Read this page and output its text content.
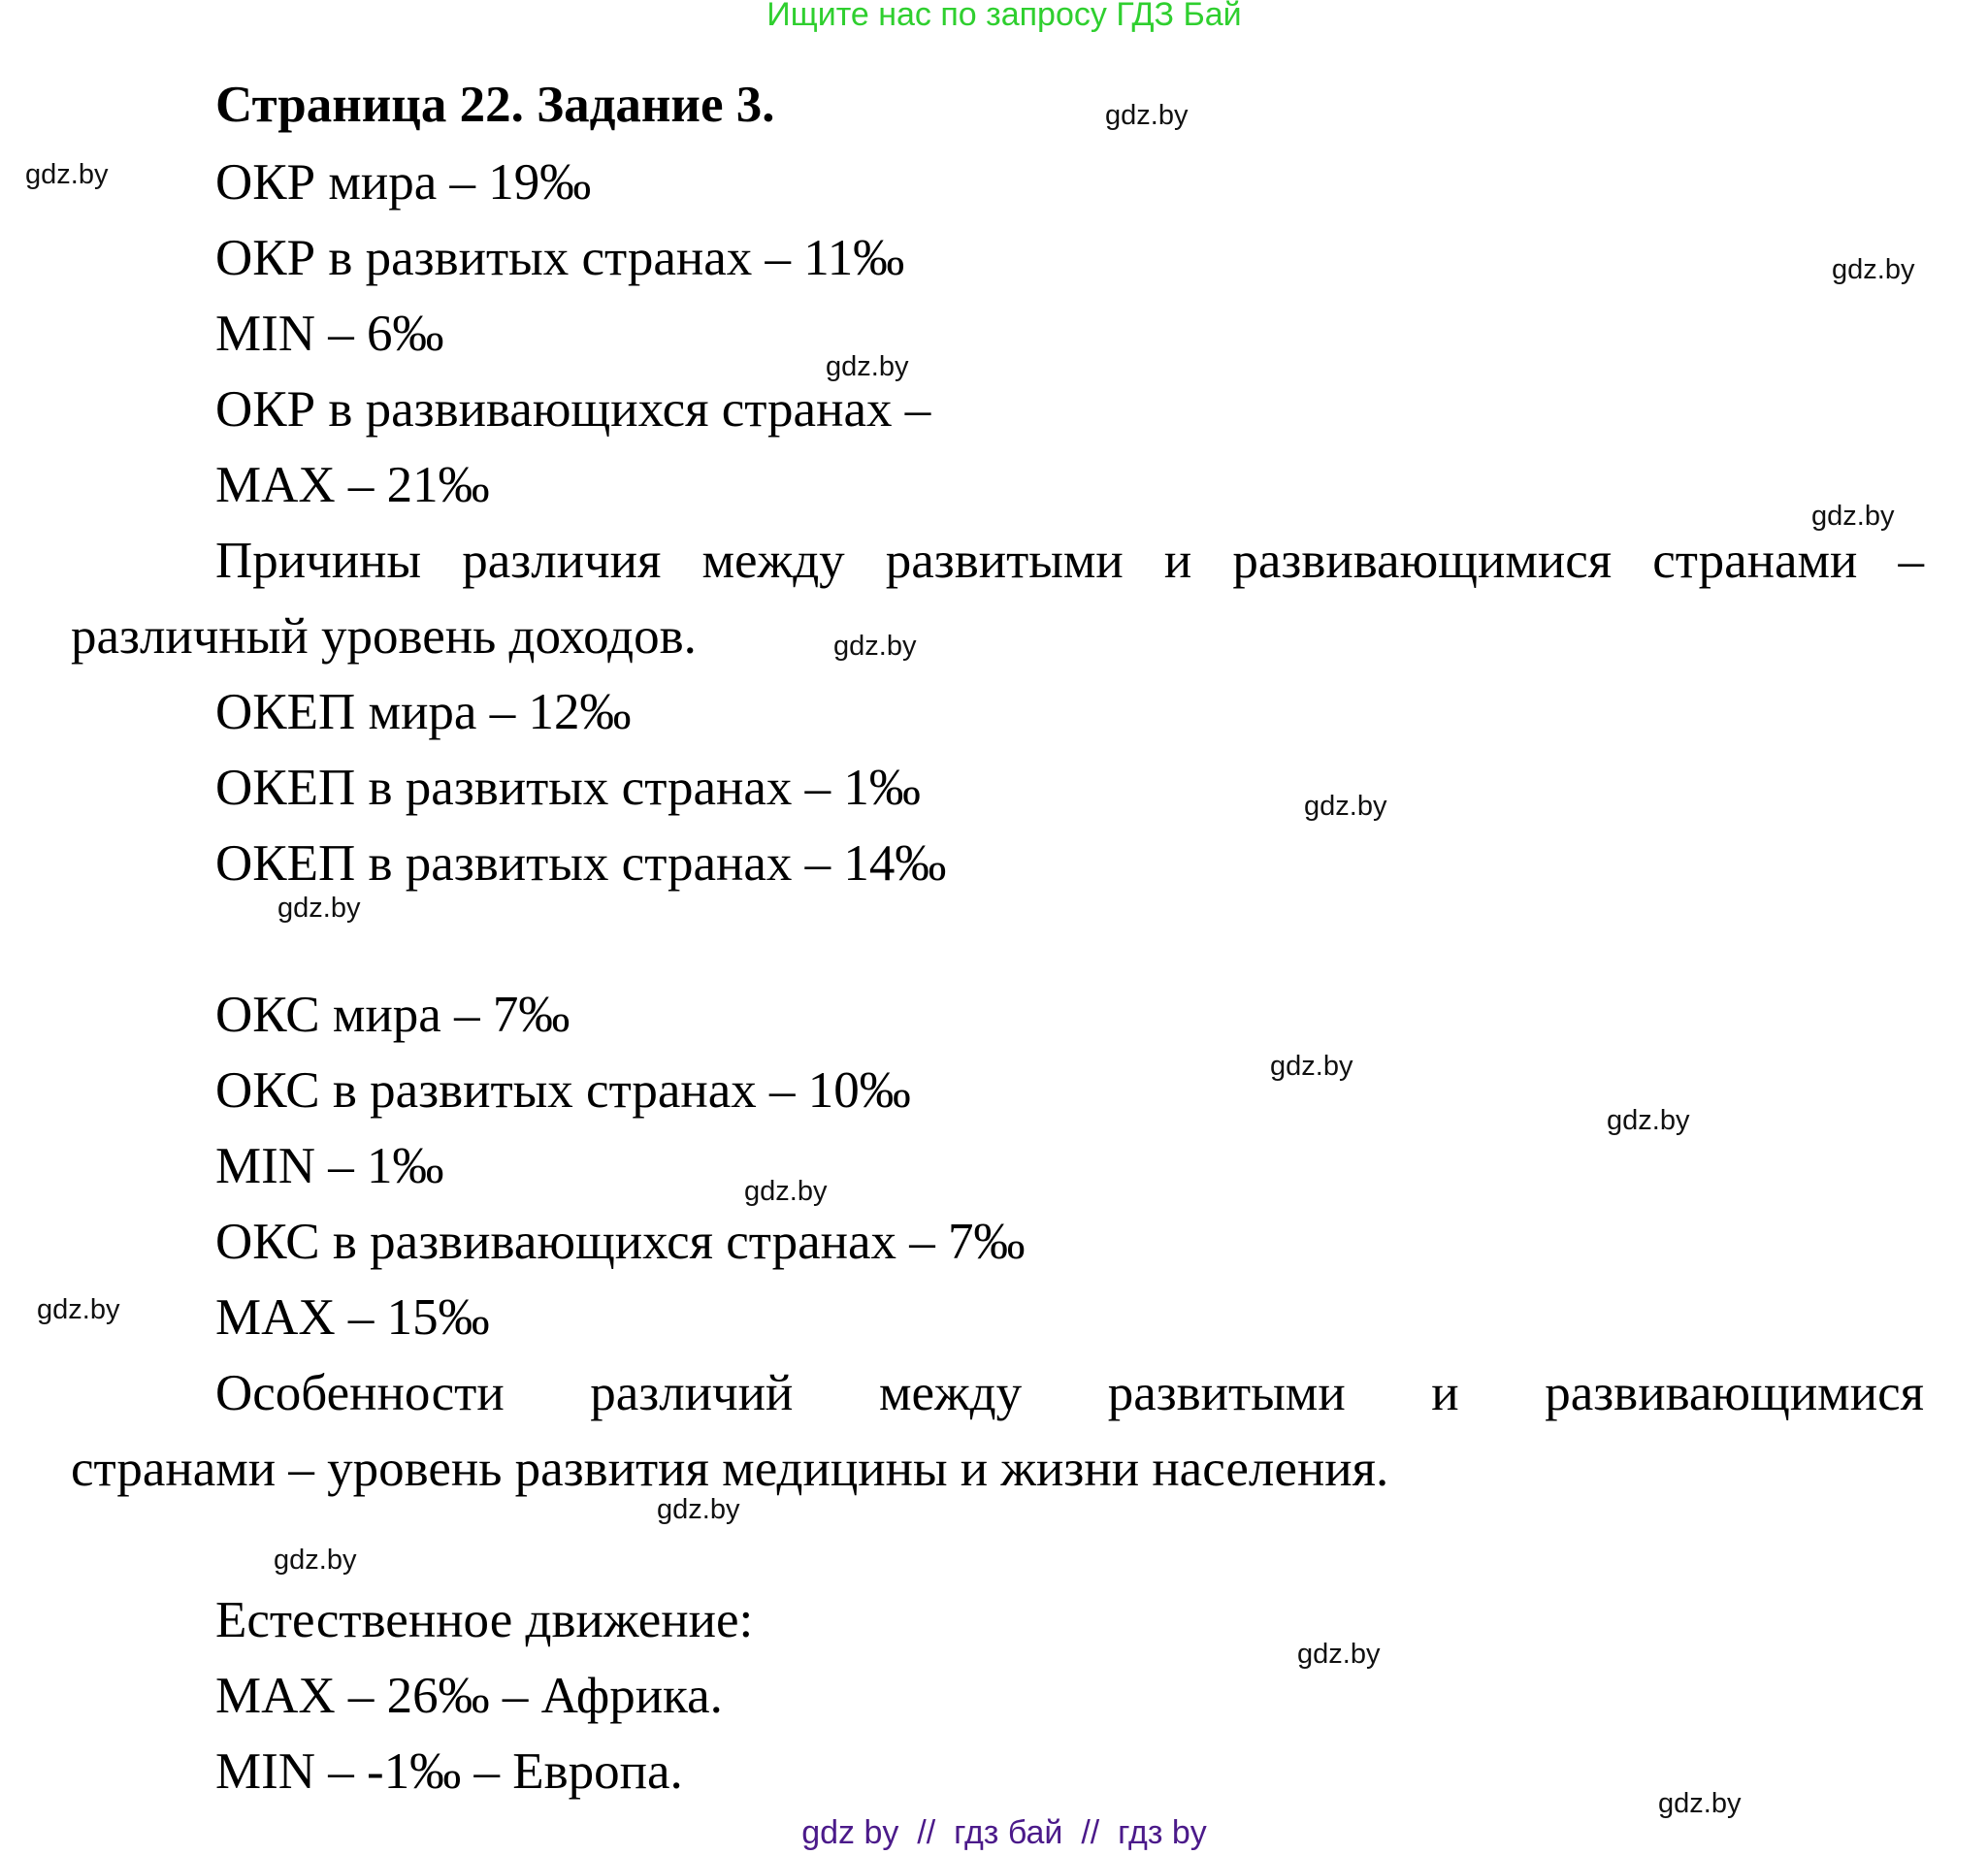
Ищите нас по запросу ГДЗ Бай
Страница 22. Задание 3.
ОКР мира – 19‰
ОКР в развитых странах – 11‰
MIN – 6‰
ОКР в развивающихся странах –
MAX – 21‰
Причины различия между развитыми и развивающимися странами –
различный уровень доходов.
ОКЕП мира – 12‰
ОКЕП в развитых странах – 1‰
ОКЕП в развитых странах – 14‰
ОКС мира – 7‰
ОКС в развитых странах – 10‰
MIN – 1‰
ОКС в развивающихся странах – 7‰
MAX – 15‰
Особенности различий между развитыми и развивающимися
странами – уровень развития медицины и жизни населения.
Естественное движение:
MAX – 26‰ – Африка.
MIN – -1‰ – Европа.
gdz.by
gdz.by
gdz.by
gdz.by
gdz.by
gdz.by
gdz.by
gdz.by
gdz.by
gdz.by
gdz.by
gdz.by
gdz.by
gdz.by
gdz.by
gdz.by
gdz by  //  гдз бай  //  гдз by
